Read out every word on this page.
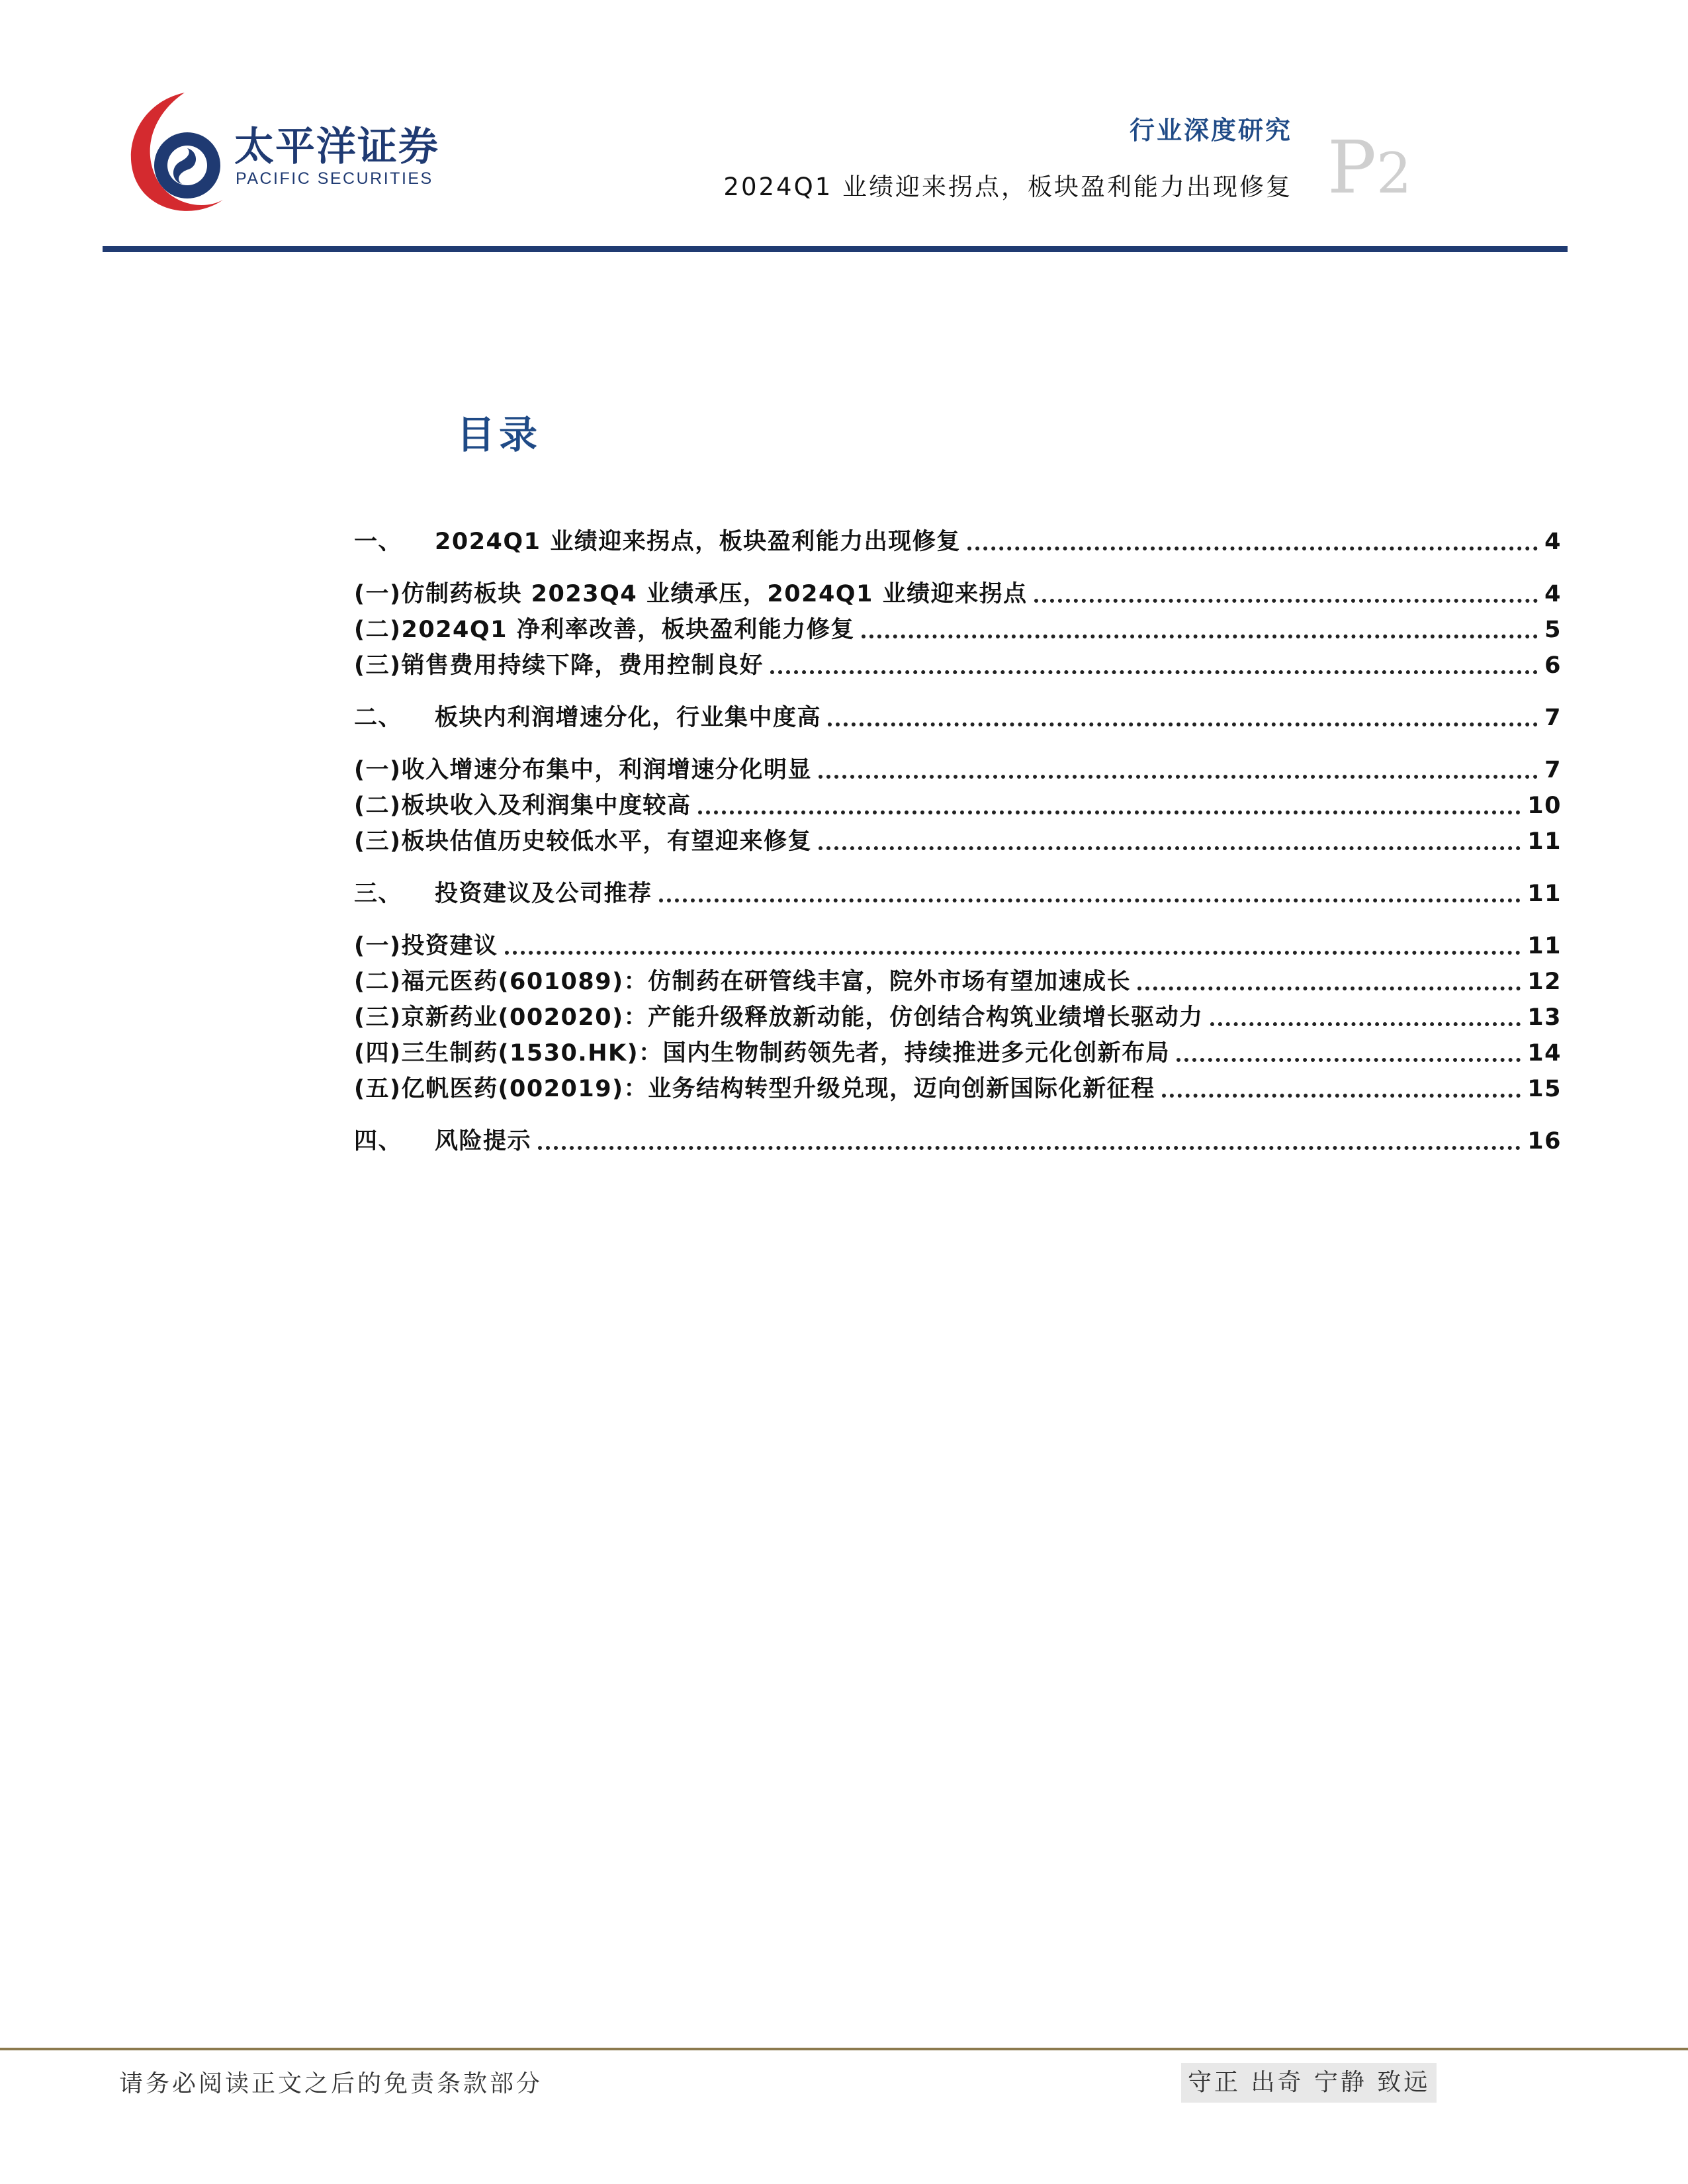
太平洋证券
PACIFIC SECURITIES
行业深度研究
2024Q1 业绩迎来拐点，板块盈利能力出现修复 P2
目录
一、	2024Q1 业绩迎来拐点，板块盈利能力出现修复	4
(一) 仿制药板块 2023Q4 业绩承压，2024Q1 业绩迎来拐点	4
(二) 2024Q1 净利率改善，板块盈利能力修复	5
(三) 销售费用持续下降，费用控制良好	6
二、	板块内利润增速分化，行业集中度高	7
(一) 收入增速分布集中，利润增速分化明显	7
(二) 板块收入及利润集中度较高	10
(三) 板块估值历史较低水平，有望迎来修复	11
三、	投资建议及公司推荐	11
(一) 投资建议	11
(二) 福元医药(601089)：仿制药在研管线丰富，院外市场有望加速成长	12
(三) 京新药业(002020)：产能升级释放新动能，仿创结合构筑业绩增长驱动力	13
(四) 三生制药(1530.HK)：国内生物制药领先者，持续推进多元化创新布局	14
(五) 亿帆医药(002019)：业务结构转型升级兑现，迈向创新国际化新征程	15
四、	风险提示	16
请务必阅读正文之后的免责条款部分	守正 出奇 宁静 致远
